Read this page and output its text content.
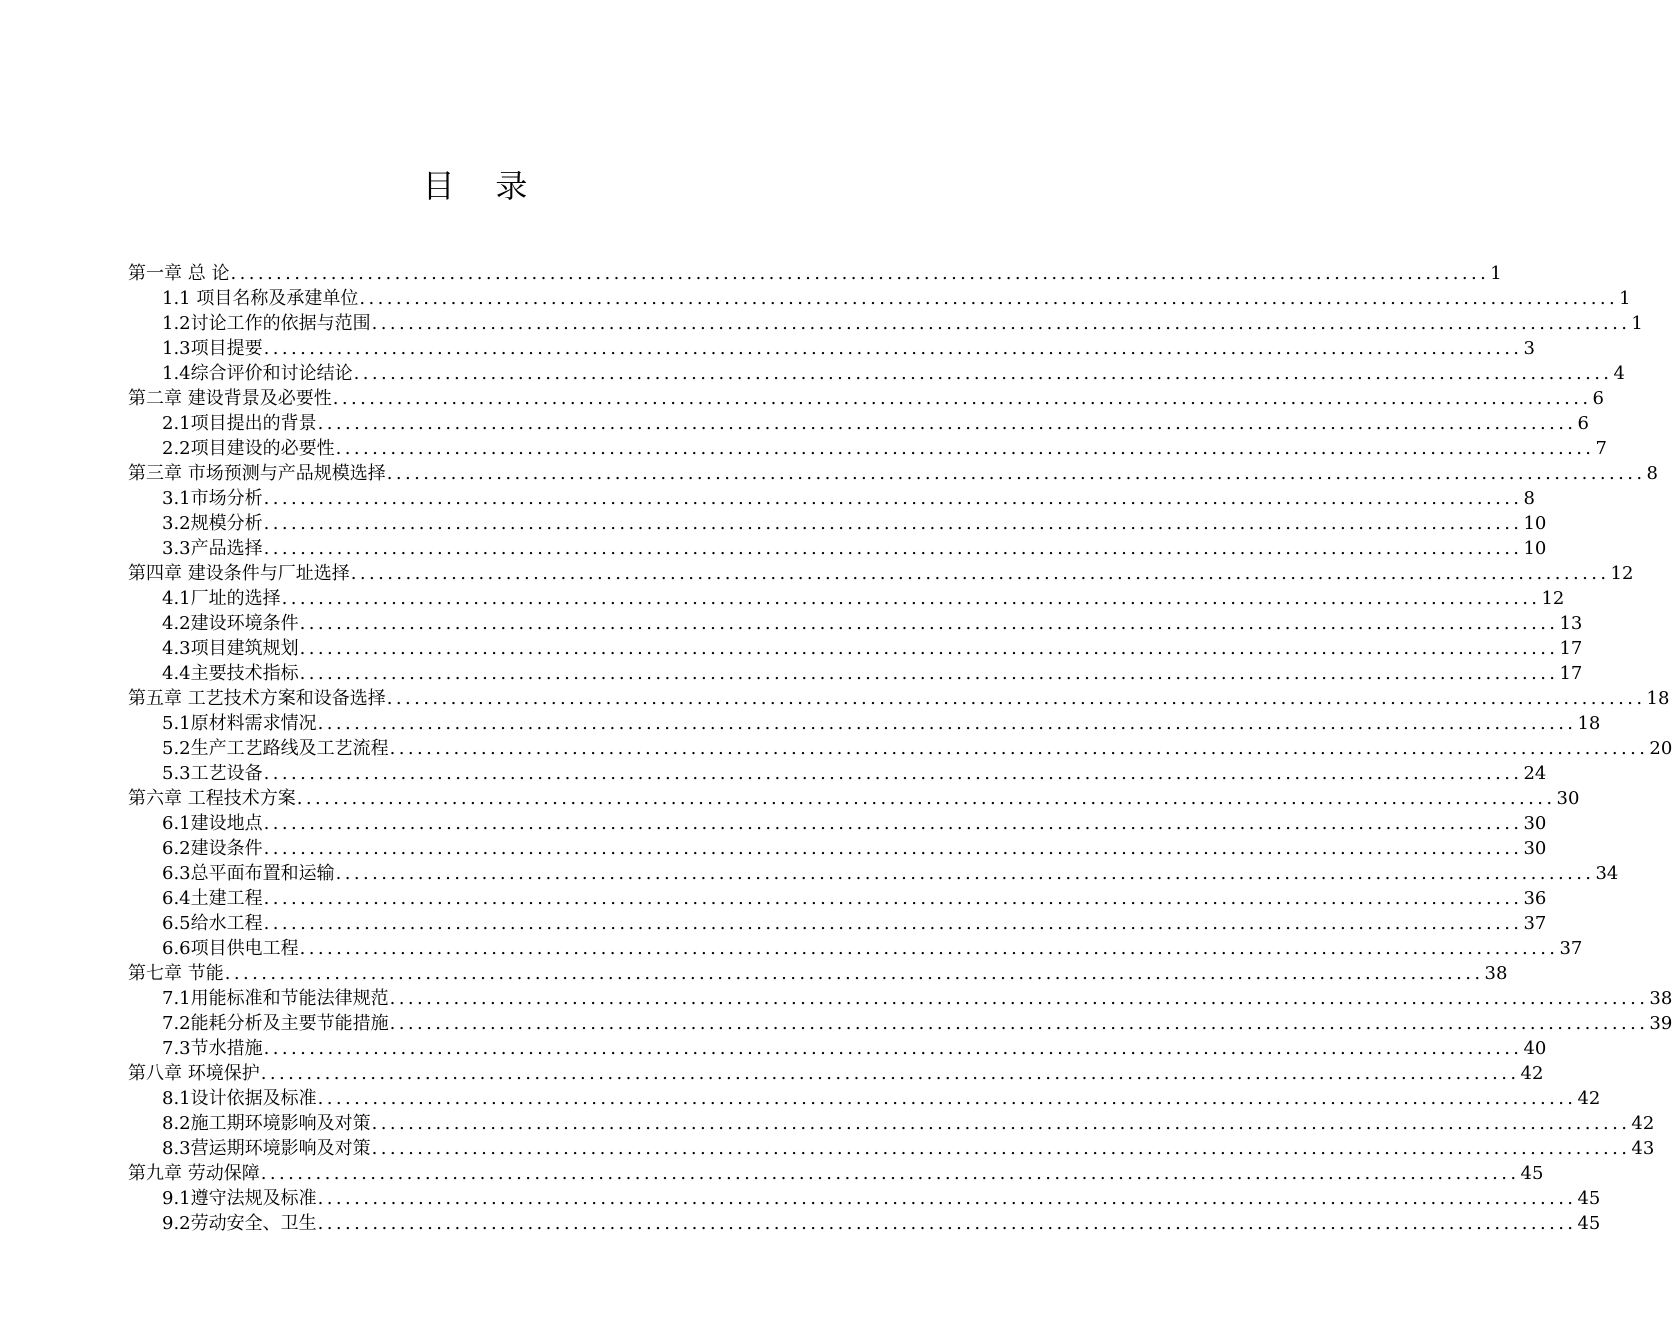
目    录
第一章 总 论 .......................................................................................................................................... 1
1.1 项目名称及承建单位 .......................................................................................................................................... 1
1.2讨论工作的依据与范围 .......................................................................................................................................... 1
1.3项目提要 .......................................................................................................................................... 3
1.4综合评价和讨论结论 .......................................................................................................................................... 4
第二章 建设背景及必要性 .......................................................................................................................................... 6
2.1项目提出的背景 .......................................................................................................................................... 6
2.2项目建设的必要性 .......................................................................................................................................... 7
第三章 市场预测与产品规模选择 .......................................................................................................................................... 8
3.1市场分析 .......................................................................................................................................... 8
3.2规模分析 .......................................................................................................................................... 10
3.3产品选择 .......................................................................................................................................... 10
第四章 建设条件与厂址选择 .......................................................................................................................................... 12
4.1厂址的选择 .......................................................................................................................................... 12
4.2建设环境条件 .......................................................................................................................................... 13
4.3项目建筑规划 .......................................................................................................................................... 17
4.4主要技术指标 .......................................................................................................................................... 17
第五章 工艺技术方案和设备选择 .......................................................................................................................................... 18
5.1原材料需求情况 .......................................................................................................................................... 18
5.2生产工艺路线及工艺流程 .......................................................................................................................................... 20
5.3工艺设备 .......................................................................................................................................... 24
第六章 工程技术方案 .......................................................................................................................................... 30
6.1建设地点 .......................................................................................................................................... 30
6.2建设条件 .......................................................................................................................................... 30
6.3总平面布置和运输 .......................................................................................................................................... 34
6.4土建工程 .......................................................................................................................................... 36
6.5给水工程 .......................................................................................................................................... 37
6.6项目供电工程 .......................................................................................................................................... 37
第七章 节能 .......................................................................................................................................... 38
7.1用能标准和节能法律规范 .......................................................................................................................................... 38
7.2能耗分析及主要节能措施 .......................................................................................................................................... 39
7.3节水措施 .......................................................................................................................................... 40
第八章 环境保护 .......................................................................................................................................... 42
8.1设计依据及标准 .......................................................................................................................................... 42
8.2施工期环境影响及对策 .......................................................................................................................................... 42
8.3营运期环境影响及对策 .......................................................................................................................................... 43
第九章 劳动保障 .......................................................................................................................................... 45
9.1遵守法规及标准 .......................................................................................................................................... 45
9.2劳动安全、卫生 .......................................................................................................................................... 45
